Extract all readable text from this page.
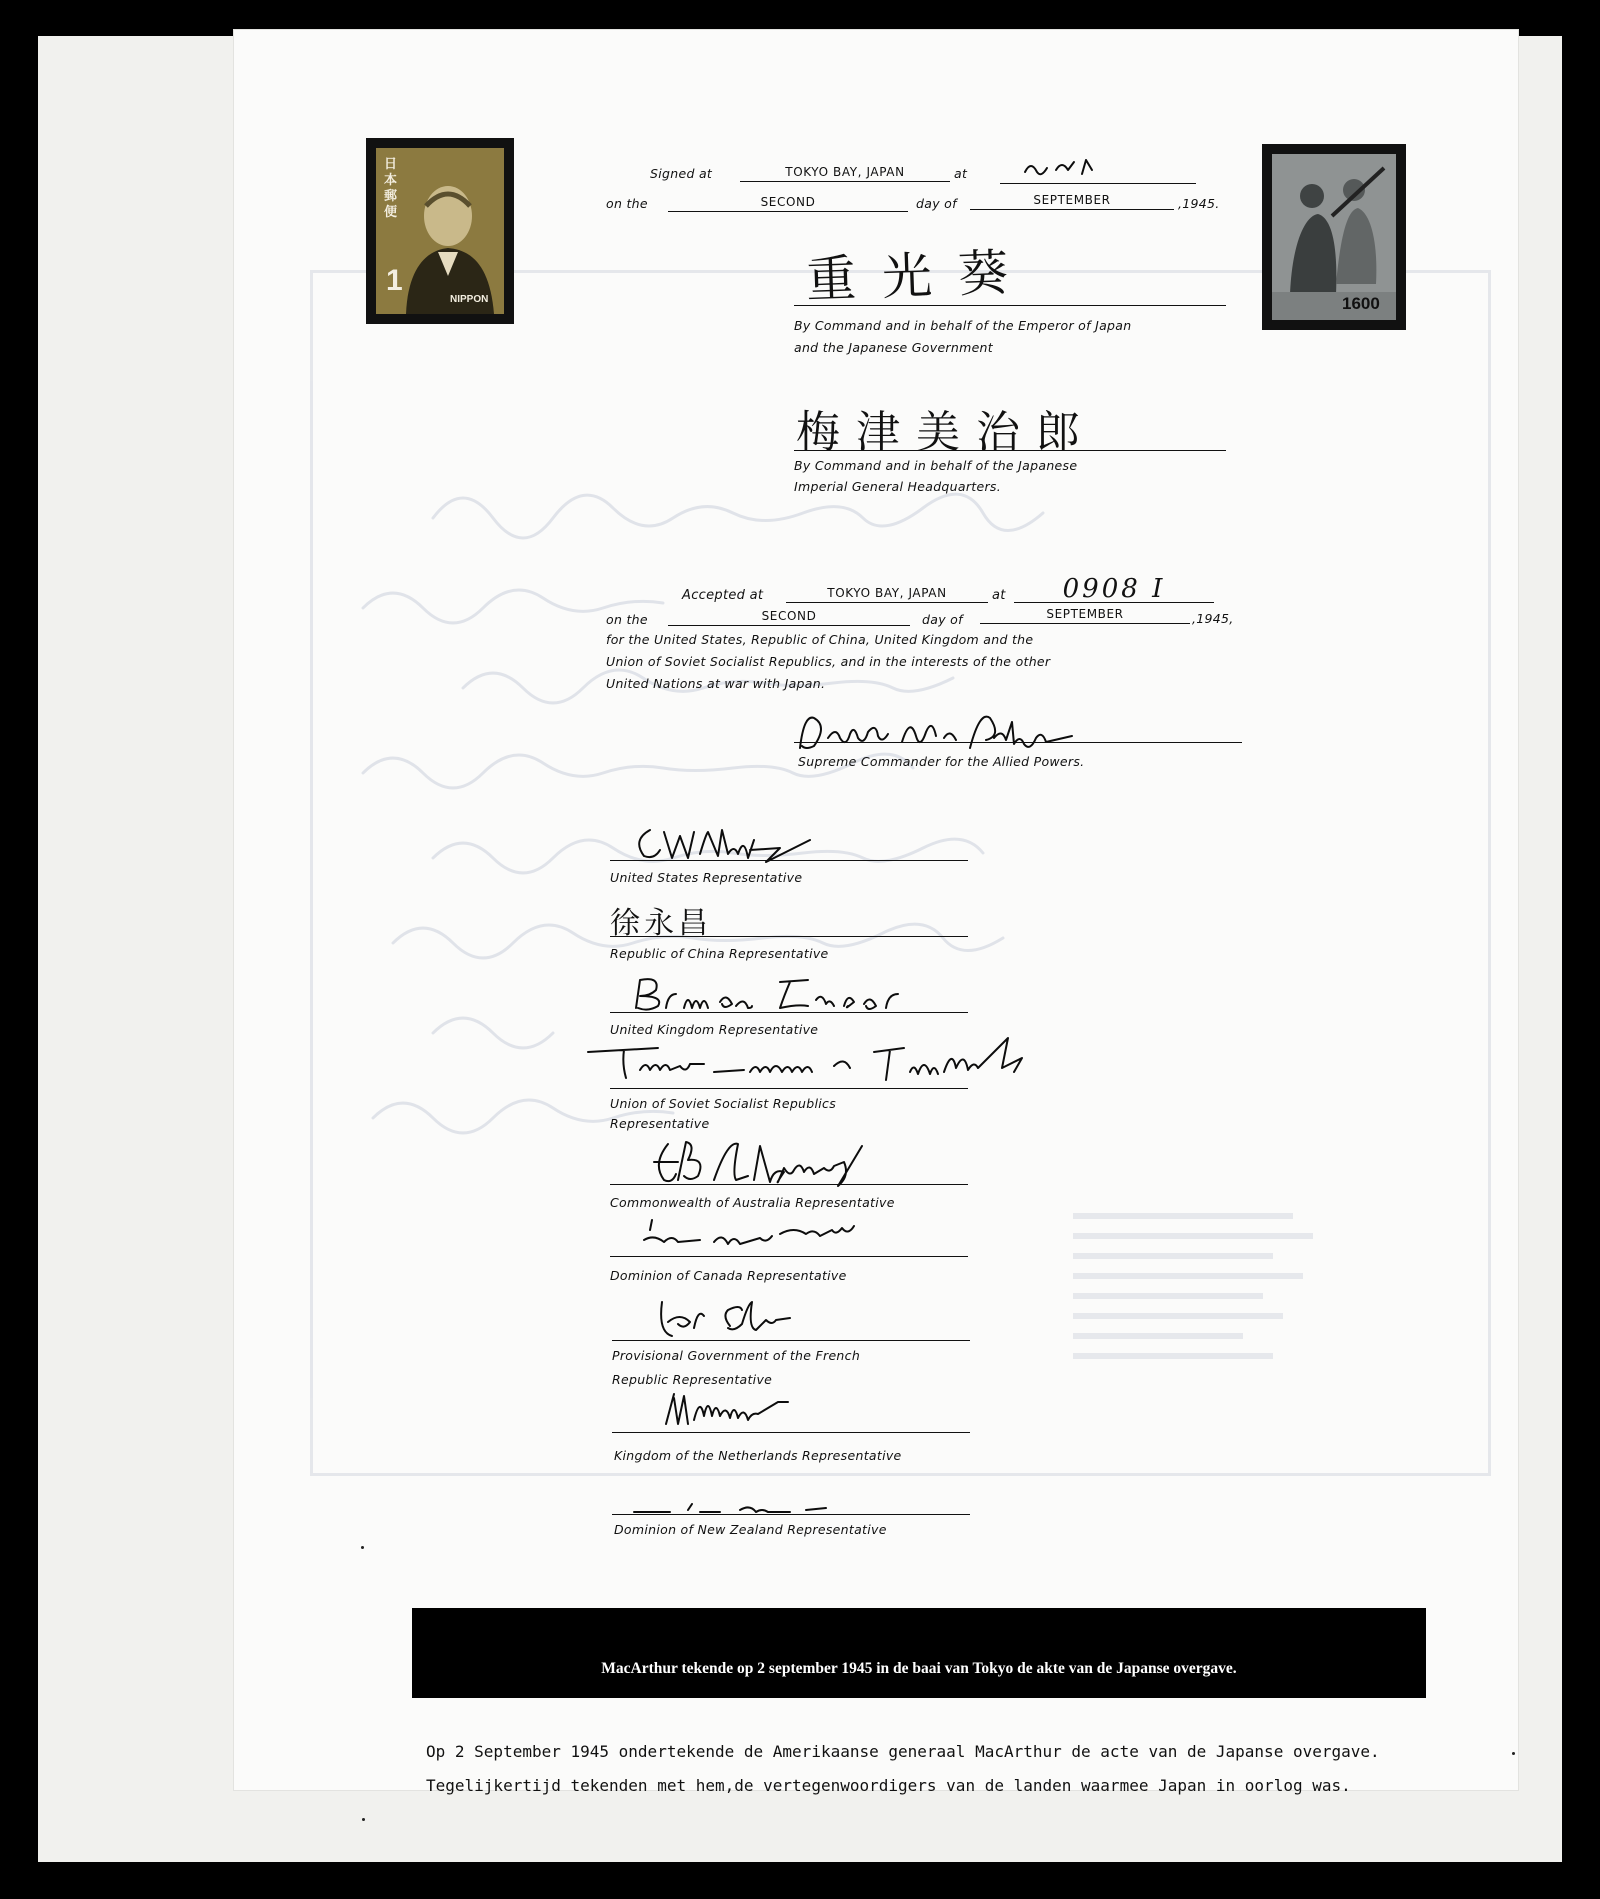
日本郵便
1
NIPPON	1600
Signed at	TOKYO BAY, JAPAN	at
on the	SECOND	day of	SEPTEMBER	,1945.
重光葵
By Command and in behalf of the Emperor of Japan
and the Japanese Government
梅津美治郎
By Command and in behalf of the Japanese
Imperial General Headquarters.
Accepted at	TOKYO BAY, JAPAN	at	0908 I
on the	SECOND	day of	SEPTEMBER	,1945,
for the United States, Republic of China, United Kingdom and the
Union of Soviet Socialist Republics, and in the interests of the other
United Nations at war with Japan.
Supreme Commander for the Allied Powers.
United States Representative
徐永昌
Republic of China Representative
United Kingdom Representative
Union of Soviet Socialist Republics
Representative
Commonwealth of Australia Representative
Dominion of Canada Representative
Provisional Government of the French
Republic Representative
Kingdom of the Netherlands Representative
Dominion of New Zealand Representative
MacArthur tekende op 2 september 1945 in de baai van Tokyo de akte van de Japanse overgave.
Op 2 September 1945 ondertekende de Amerikaanse generaal MacArthur de acte van de Japanse overgave.
Tegelijkertijd tekenden met hem,de vertegenwoordigers van de landen waarmee Japan in oorlog was.
